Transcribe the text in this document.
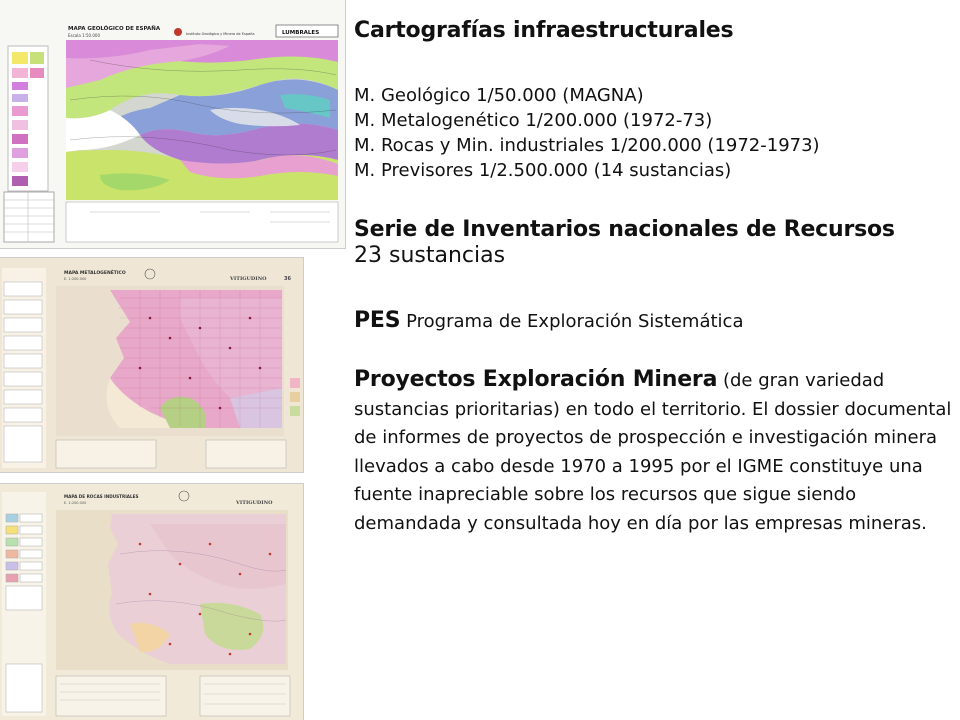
MAPA GEOLÓGICO DE ESPAÑA
Escala 1:50.000	Instituto Geológico y Minero de España	LUMBRALES
MAPA METALOGENÉTICO
E. 1:200.000	VITIGUDINO	36
MAPA DE ROCAS INDUSTRIALES
E. 1:200.000	VITIGUDINO
Cartografías infraestructurales
M. Geológico 1/50.000 (MAGNA)
M. Metalogenético 1/200.000 (1972-73)
M. Rocas y Min. industriales 1/200.000 (1972-1973)
M. Previsores 1/2.500.000 (14 sustancias)
Serie de Inventarios nacionales de Recursos
23 sustancias
PES Programa de Exploración Sistemática
Proyectos Exploración Minera (de gran variedad sustancias prioritarias) en todo el territorio. El dossier documental de informes de proyectos de prospección e investigación minera llevados a cabo desde 1970 a 1995 por el IGME constituye una fuente inapreciable sobre los recursos que sigue siendo demandada y consultada hoy en día por las empresas mineras.
